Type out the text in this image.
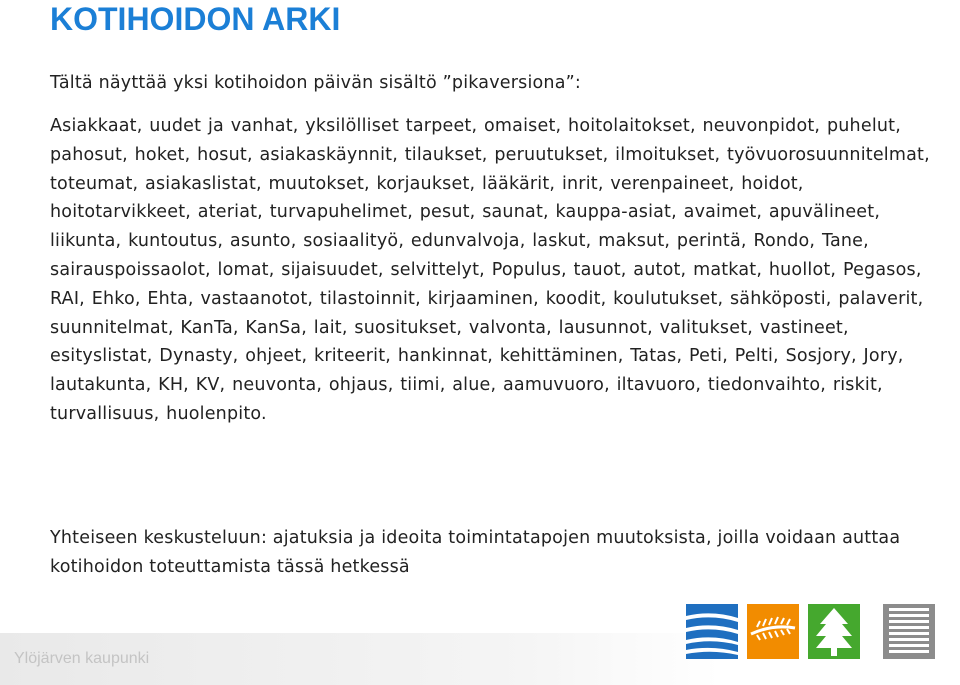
KOTIHOIDON ARKI
Tältä näyttää yksi kotihoidon päivän sisältö ”pikaversiona”:
Asiakkaat, uudet ja vanhat, yksilölliset tarpeet, omaiset, hoitolaitokset, neuvonpidot, puhelut, pahosut, hoket, hosut, asiakaskäynnit, tilaukset, peruutukset, ilmoitukset, työvuorosuunnitelmat, toteumat, asiakaslistat, muutokset, korjaukset, lääkärit, inrit, verenpaineet, hoidot, hoitotarvikkeet, ateriat, turvapuhelimet, pesut, saunat, kauppa-asiat, avaimet, apuvälineet, liikunta, kuntoutus, asunto, sosiaalityö, edunvalvoja, laskut, maksut, perintä, Rondo, Tane, sairauspoissaolot, lomat, sijaisuudet, selvittelyt, Populus, tauot, autot, matkat, huollot, Pegasos, RAI, Ehko, Ehta, vastaanotot, tilastoinnit, kirjaaminen, koodit, koulutukset, sähköposti, palaverit, suunnitelmat, KanTa, KanSa, lait, suositukset, valvonta, lausunnot, valitukset, vastineet, esityslistat, Dynasty, ohjeet, kriteerit, hankinnat, kehittäminen, Tatas, Peti, Pelti, Sosjory, Jory, lautakunta, KH, KV, neuvonta, ohjaus, tiimi, alue, aamuvuoro, iltavuoro, tiedonvaihto, riskit, turvallisuus, huolenpito.
Yhteiseen keskusteluun: ajatuksia ja ideoita toimintatapojen muutoksista, joilla voidaan auttaa kotihoidon toteuttamista tässä hetkessä
Ylöjärven kaupunki
